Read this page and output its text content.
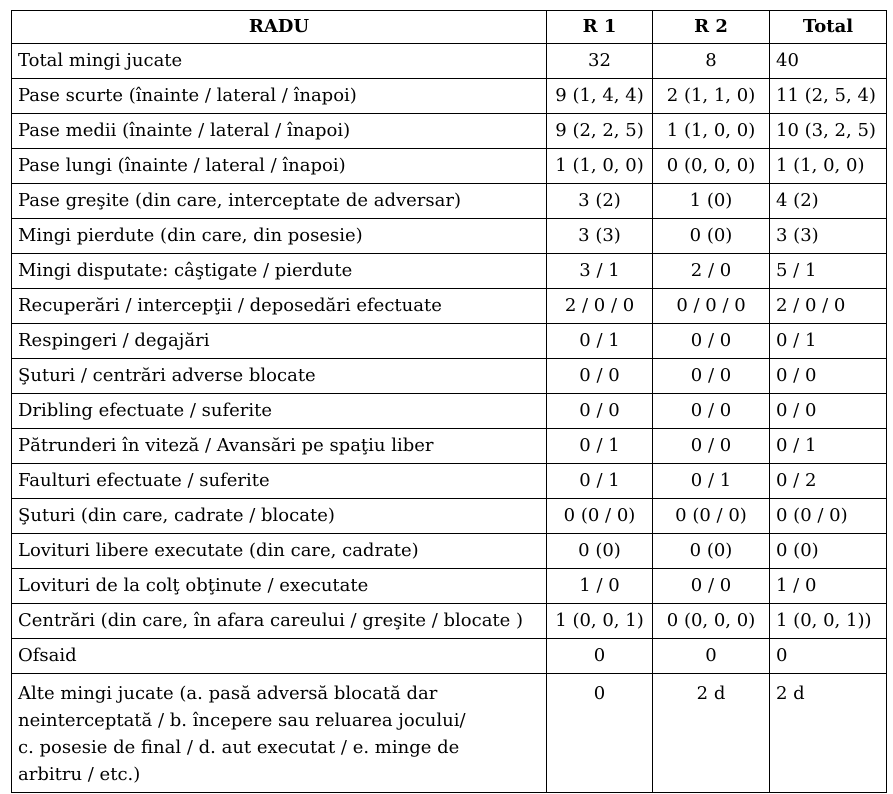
RADU	R 1	R 2	Total
Total mingi jucate	32	8	40
Pase scurte (înainte / lateral / înapoi)	9 (1, 4, 4)	2 (1, 1, 0)	11 (2, 5, 4)
Pase medii (înainte / lateral / înapoi)	9 (2, 2, 5)	1 (1, 0, 0)	10 (3, 2, 5)
Pase lungi (înainte / lateral / înapoi)	1 (1, 0, 0)	0 (0, 0, 0)	1 (1, 0, 0)
Pase greşite (din care, interceptate de adversar)	3 (2)	1 (0)	4 (2)
Mingi pierdute (din care, din posesie)	3 (3)	0 (0)	3 (3)
Mingi disputate: câştigate / pierdute	3 / 1	2 / 0	5 / 1
Recuperări / intercepţii / deposedări efectuate	2 / 0 / 0	0 / 0 / 0	2 / 0 / 0
Respingeri / degajări	0 / 1	0 / 0	0 / 1
Şuturi / centrări adverse blocate	0 / 0	0 / 0	0 / 0
Dribling efectuate / suferite	0 / 0	0 / 0	0 / 0
Pătrunderi în viteză / Avansări pe spaţiu liber	0 / 1	0 / 0	0 / 1
Faulturi efectuate / suferite	0 / 1	0 / 1	0 / 2
Şuturi (din care, cadrate / blocate)	0 (0 / 0)	0 (0 / 0)	0 (0 / 0)
Lovituri libere executate (din care, cadrate)	0 (0)	0 (0)	0 (0)
Lovituri de la colţ obţinute / executate	1 / 0	0 / 0	1 / 0
Centrări (din care, în afara careului / greşite / blocate )	1 (0, 0, 1)	0 (0, 0, 0)	1 (0, 0, 1))
Ofsaid	0	0	0
Alte mingi jucate (a. pasă adversă blocată dar
neinterceptată / b. începere sau reluarea jocului/
c. posesie de final / d. aut executat / e. minge de
arbitru / etc.)	0	2 d	2 d
